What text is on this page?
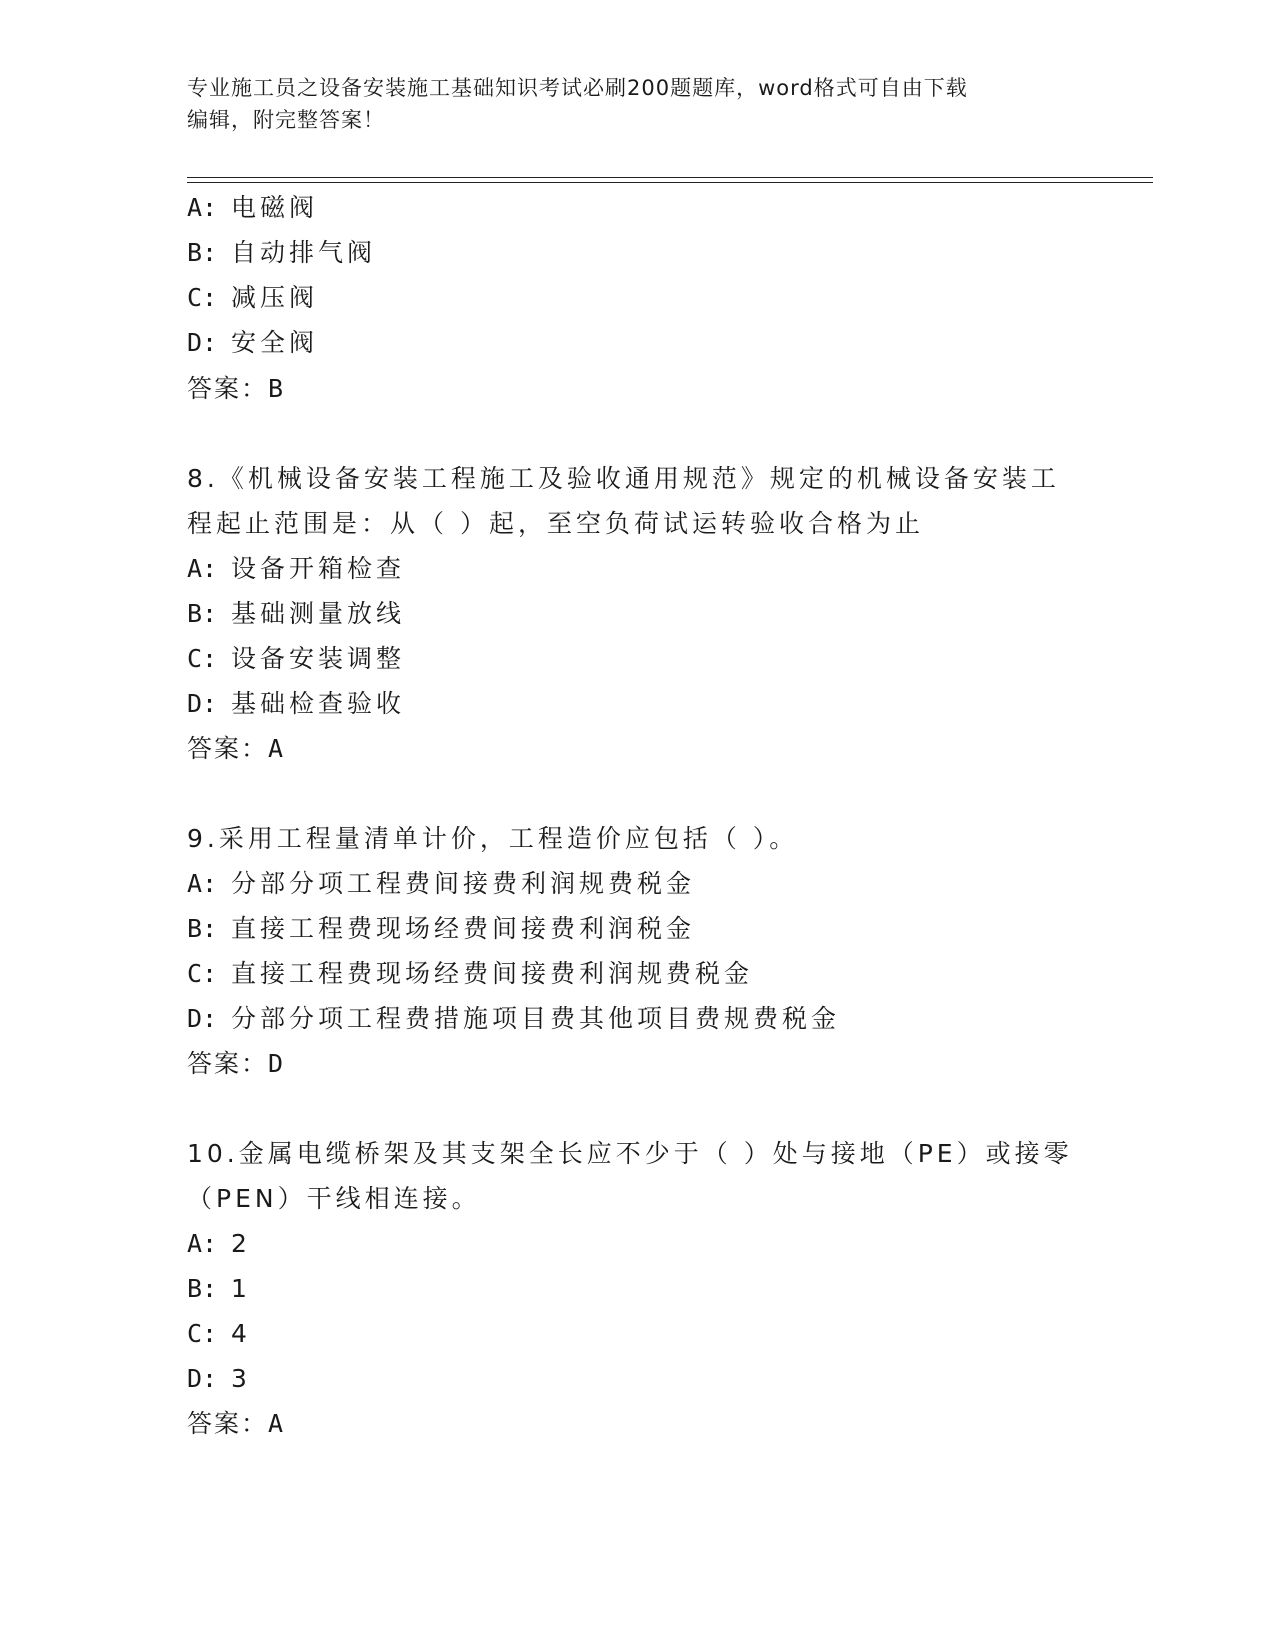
专业施工员之设备安装施工基础知识考试必刷200题题库，word格式可自由下载
编辑，附完整答案！
A: 电磁阀
B: 自动排气阀
C: 减压阀
D: 安全阀
答案：B
8.《机械设备安装工程施工及验收通用规范》规定的机械设备安装工
程起止范围是：从（ ）起，至空负荷试运转验收合格为止
A: 设备开箱检查
B: 基础测量放线
C: 设备安装调整
D: 基础检查验收
答案：A
9.采用工程量清单计价，工程造价应包括（ ）。
A: 分部分项工程费间接费利润规费税金
B: 直接工程费现场经费间接费利润税金
C: 直接工程费现场经费间接费利润规费税金
D: 分部分项工程费措施项目费其他项目费规费税金
答案：D
10.金属电缆桥架及其支架全长应不少于（ ）处与接地（PE）或接零
（PEN）干线相连接。
A: 2
B: 1
C: 4
D: 3
答案：A
